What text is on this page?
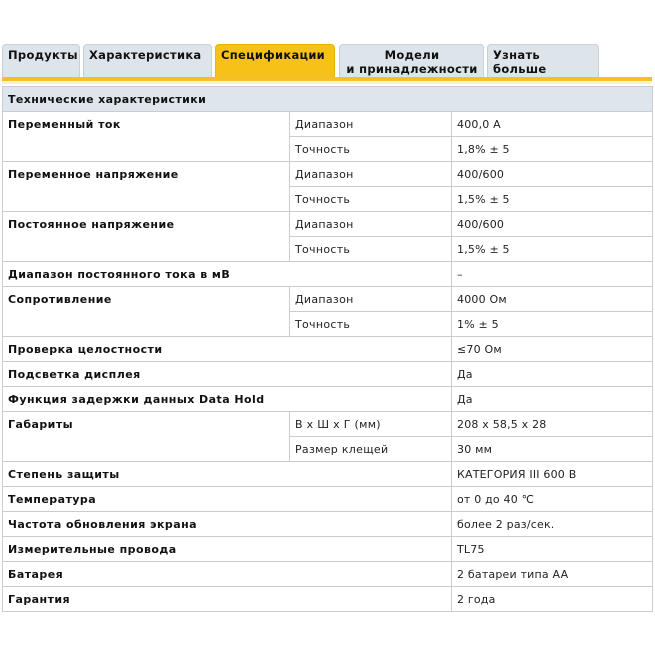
Продукты Характеристика	Спецификации	Модели
и принадлежности
Узнать больше
Технические характеристики		
Переменный ток	Диапазон	400,0 A
	Точность	1,8% ± 5
Переменное напряжение	Диапазон	400/600
	Точность	1,5% ± 5
Постоянное напряжение	Диапазон	400/600
	Точность	1,5% ± 5
Диапазон постоянного тока в мВ		–
Сопротивление	Диапазон	4000 Ом
	Точность	1% ± 5
Проверка целостности		≤70 Ом
Подсветка дисплея		Да
Функция задержки данных Data Hold		Да
Габариты	В x Ш x Г (мм)	208 x 58,5 x 28
	Размер клещей	30 мм
Степень защиты		КАТЕГОРИЯ III 600 В
Температура		от 0 до 40 ℃
Частота обновления экрана		более 2 раз/сек.
Измерительные провода		TL75
Батарея		2 батареи типа AA
Гарантия		2 года
